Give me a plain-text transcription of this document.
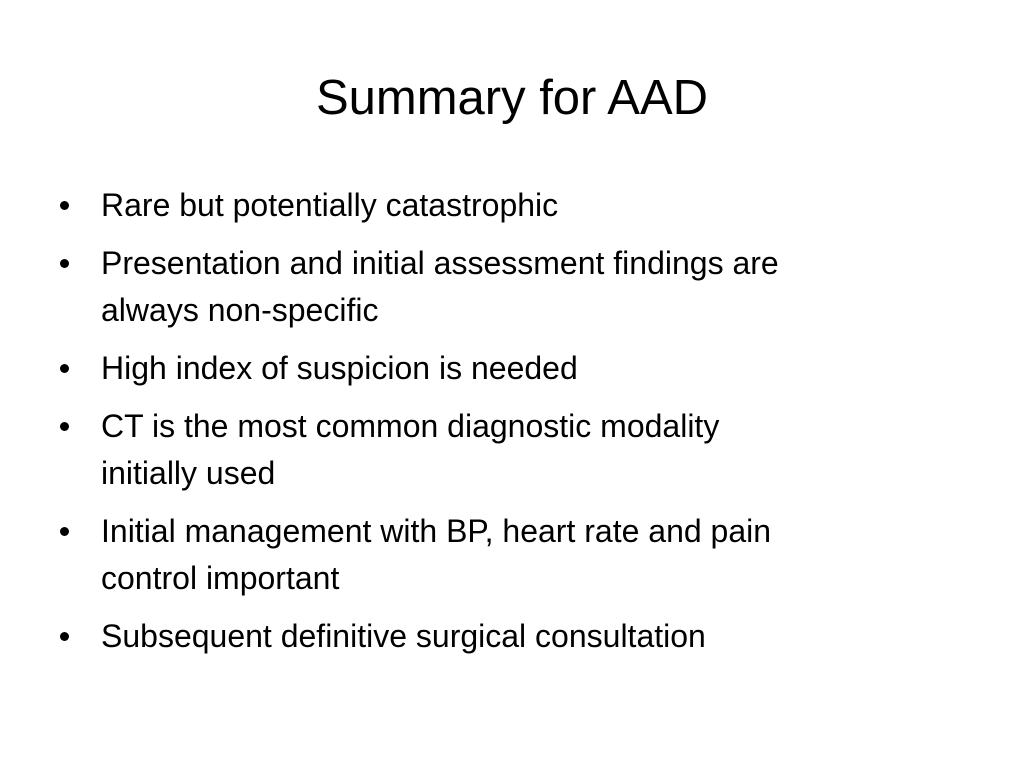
Summary for AAD
Rare but potentially catastrophic
Presentation and initial assessment findings are
always non-specific
High index of suspicion is needed
CT is the most common diagnostic modality
initially used
Initial management with BP, heart rate and pain
control important
Subsequent definitive surgical consultation
